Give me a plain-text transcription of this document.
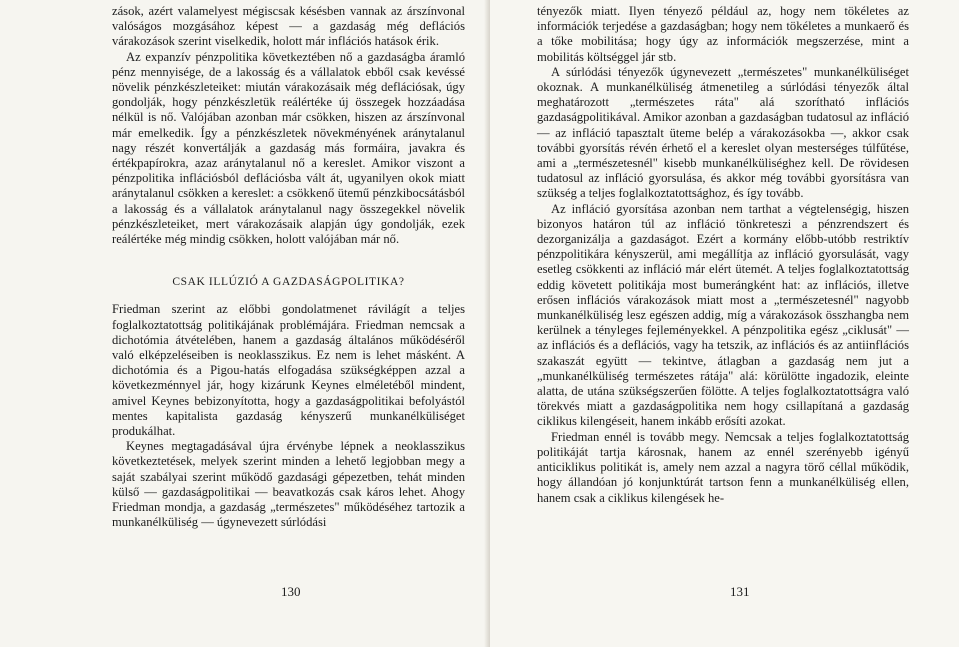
zások, azért valamelyest mégiscsak késésben vannak az árszínvonal valóságos mozgásához képest — a gazdaság még deflációs várakozások szerint viselkedik, holott már inflációs hatások érik.

Az expanzív pénzpolitika következtében nő a gazdaságba áramló pénz mennyisége, de a lakosság és a vállalatok ebből csak kevéssé növelik pénzkészleteiket: miután várakozásaik még deflációsak, úgy gondolják, hogy pénzkészletük reálértéke új összegek hozzáadása nélkül is nő. Valójában azonban már csökken, hiszen az árszínvonal már emelkedik. Így a pénzkészletek növekményének aránytalanul nagy részét konvertálják a gazdaság más formáira, javakra és értékpapírokra, azaz aránytalanul nő a kereslet. Amikor viszont a pénzpolitika inflációsból deflációsba vált át, ugyanilyen okok miatt aránytalanul csökken a kereslet: a csökkenő ütemű pénzkibocsátásból a lakosság és a vállalatok aránytalanul nagy összegekkel növelik pénzkészleteiket, mert várakozásaik alapján úgy gondolják, ezek reálértéke még mindig csökken, holott valójában már nő.

CSAK ILLÚZIÓ A GAZDASÁGPOLITIKA?

Friedman szerint az előbbi gondolatmenet rávilágít a teljes foglalkoztatottság politikájának problémájára. Friedman nemcsak a dichotómia átvételében, hanem a gazdaság általános működéséről való elképzeléseiben is neoklasszikus. Ez nem is lehet másként. A dichotómia és a Pigou-hatás elfogadása szükségképpen azzal a következménnyel jár, hogy kizárunk Keynes elméletéből mindent, amivel Keynes bebizonyította, hogy a gazdaságpolitikai befolyástól mentes kapitalista gazdaság kényszerű munkanélküliséget produkálhat.

Keynes megtagadásával újra érvénybe lépnek a neoklasszikus következtetések, melyek szerint minden a lehető legjobban megy a saját szabályai szerint működő gazdasági gépezetben, tehát minden külső — gazdaságpolitikai — beavatkozás csak káros lehet. Ahogy Friedman mondja, a gazdaság „természetes" működéséhez tartozik a munkanélküliség — úgynevezett súrlódási

130

tényezők miatt. Ilyen tényező például az, hogy nem tökéletes az információk terjedése a gazdaságban; hogy nem tökéletes a munkaerő és a tőke mobilitása; hogy úgy az információk megszerzése, mint a mobilitás költséggel jár stb.

A súrlódási tényezők úgynevezett „természetes" munkanélküliséget okoznak. A munkanélküliség átmenetileg a súrlódási tényezők által meghatározott „természetes ráta" alá szorítható inflációs gazdaságpolitikával. Amikor azonban a gazdaságban tudatosul az infláció — az infláció tapasztalt üteme belép a várakozásokba —, akkor csak további gyorsítás révén érhető el a kereslet olyan mesterséges túlfűtése, ami a „természetesnél" kisebb munkanélküliséghez kell. De rövidesen tudatosul az infláció gyorsulása, és akkor még további gyorsításra van szükség a teljes foglalkoztatottsághoz, és így tovább.

Az infláció gyorsítása azonban nem tarthat a végtelenségig, hiszen bizonyos határon túl az infláció tönkreteszi a pénzrendszert és dezorganizálja a gazdaságot. Ezért a kormány előbb-utóbb restriktív pénzpolitikára kényszerül, ami megállítja az infláció gyorsulását, vagy esetleg csökkenti az infláció már elért ütemét. A teljes foglalkoztatottság eddig követett politikája most bumerángként hat: az inflációs, illetve erősen inflációs várakozások miatt most a „természetesnél" nagyobb munkanélküliség lesz egészen addig, míg a várakozások összhangba nem kerülnek a tényleges fejleményekkel. A pénzpolitika egész „ciklusát" — az inflációs és a deflációs, vagy ha tetszik, az inflációs és az antiinflációs szakaszát együtt — tekintve, átlagban a gazdaság nem jut a „munkanélküliség természetes rátája" alá: körülötte ingadozik, eleinte alatta, de utána szükségszerűen fölötte. A teljes foglalkoztatottságra való törekvés miatt a gazdaságpolitika nem hogy csillapítaná a gazdaság ciklikus kilengéseit, hanem inkább erősíti azokat.

Friedman ennél is tovább megy. Nemcsak a teljes foglalkoztatottság politikáját tartja károsnak, hanem az ennél szerényebb igényű anticiklikus politikát is, amely nem azzal a nagyra törő céllal működik, hogy állandóan jó konjunktúrát tartson fenn a munkanélküliség ellen, hanem csak a ciklikus kilengések he-

131
